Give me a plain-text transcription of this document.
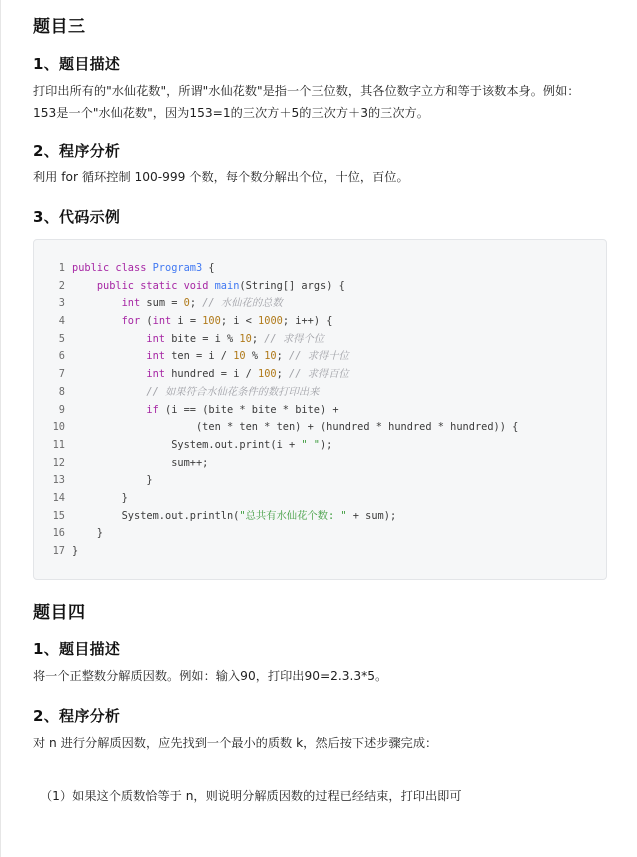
题目三
1、题目描述

打印出所有的"水仙花数"，所谓"水仙花数"是指一个三位数，其各位数字立方和等于该数本身。例如：153是一个"水仙花数"，因为153=1的三次方＋5的三次方＋3的三次方。

2、程序分析

利用 for 循环控制 100-999 个数，每个数分解出个位，十位，百位。

3、代码示例
1 public class Program3 {
2	public static void main(String[] args) {
3	int sum = 0; // 水仙花的总数
4	for (int i = 100; i < 1000; i++) {
5	int bite = i % 10; // 求得个位
6	int ten = i / 10 % 10; // 求得十位
7	int hundred = i / 100; // 求得百位
8	// 如果符合水仙花条件的数打印出来
9	if (i == (bite * bite * bite) +
10 (ten * ten * ten) + (hundred * hundred * hundred)) {
11 System.out.print(i + " ");
12 sum++;
13 }
14 }
15 System.out.println("总共有水仙花个数: " + sum);
16 }
17 }
题目四
1、题目描述

将一个正整数分解质因数。例如：输入90，打印出90=2.3.3*5。

2、程序分析

对 n 进行分解质因数，应先找到一个最小的质数 k，然后按下述步骤完成：

（1）如果这个质数恰等于 n，则说明分解质因数的过程已经结束，打印出即可
